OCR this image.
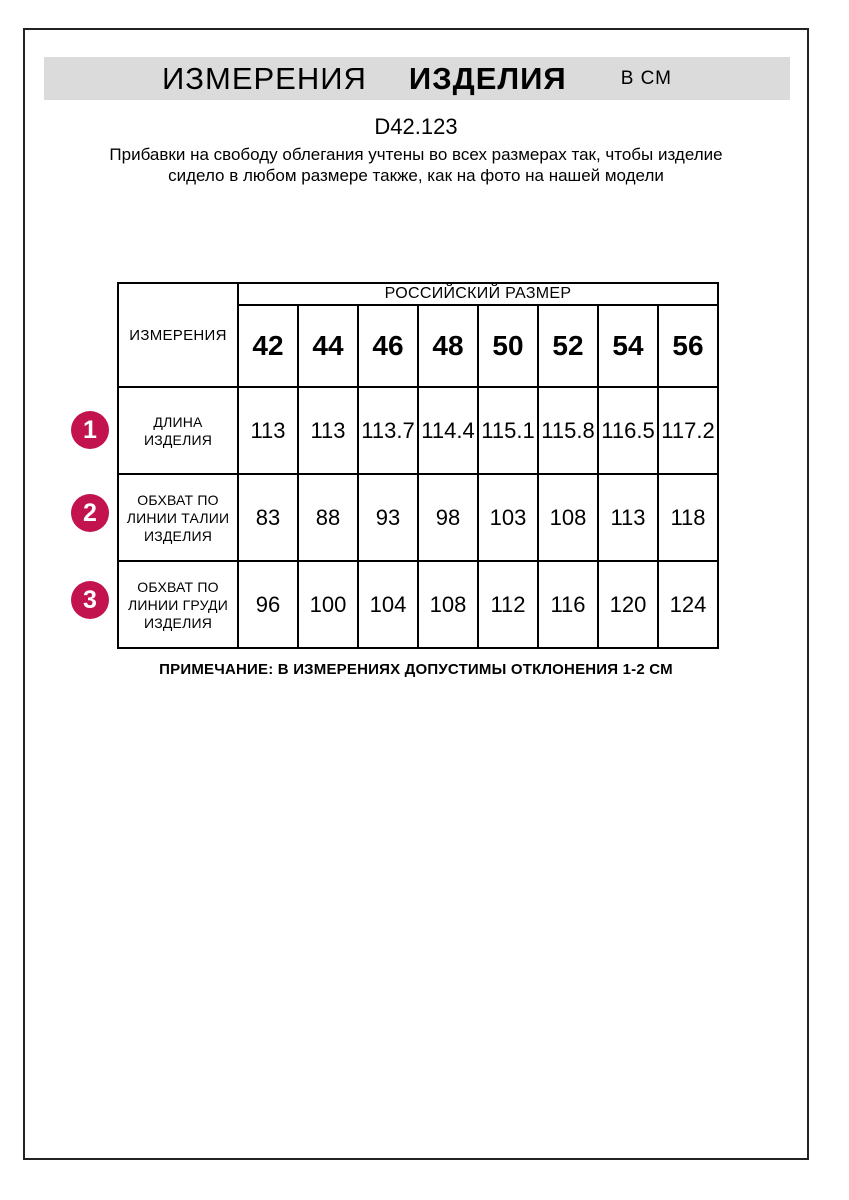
ИЗМЕРЕНИЯ ИЗДЕЛИЯ	В СМ
D42.123
Прибавки на свободу облегания учтены во всех размерах так, чтобы изделие сидело в любом размере также, как на фото на нашей модели
ИЗМЕРЕНИЯ	РОССИЙСКИЙ РАЗМЕР							
	42	44	46	48	50	52	54	56
ДЛИНА ИЗДЕЛИЯ	113	113	113.7	114.4	115.1	115.8	116.5	117.2
ОБХВАТ ПО ЛИНИИ ТАЛИИ ИЗДЕЛИЯ	83	88	93	98	103	108	113	118
ОБХВАТ ПО ЛИНИИ ГРУДИ ИЗДЕЛИЯ	96	100	104	108	112	116	120	124
1
2
3
ПРИМЕЧАНИЕ: В ИЗМЕРЕНИЯХ ДОПУСТИМЫ ОТКЛОНЕНИЯ 1-2 СМ
